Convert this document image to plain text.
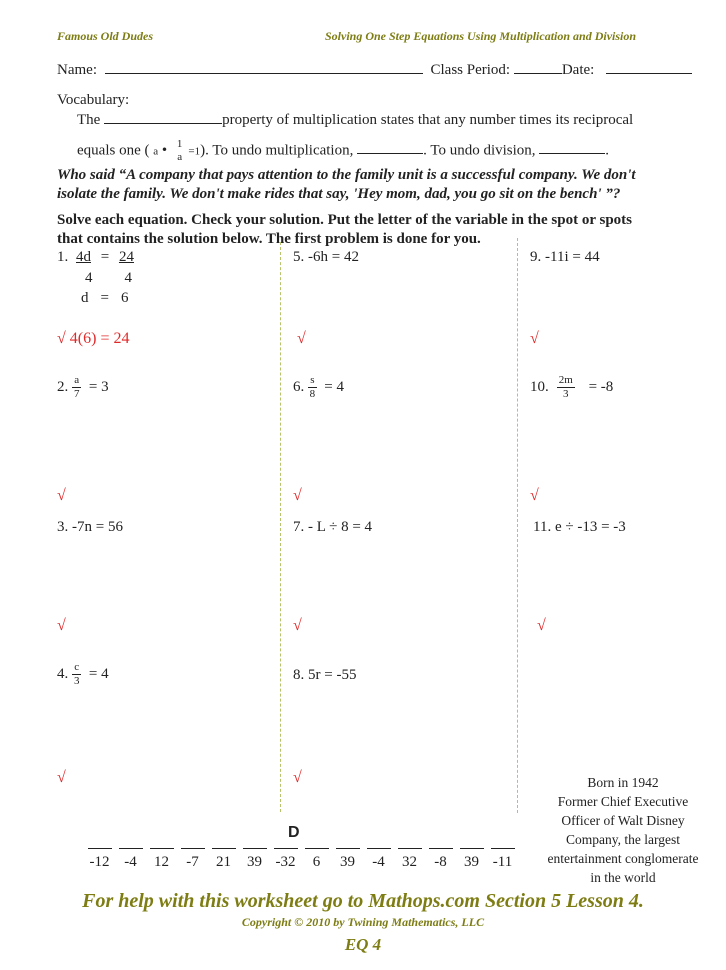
Famous Old Dudes	Solving One Step Equations Using Multiplication and Division
Name:	Class Period:	Date:
Vocabulary:
The	property of multiplication states that any number times its reciprocal
equals one ( a • 1
a =1). To undo multiplication,	. To undo division,	.
Who said “A company that pays attention to the family unit is a successful company. We don't
isolate the family. We don't make rides that say, 'Hey mom, dad, you go sit on the bench' ”?
Solve each equation. Check your solution. Put the letter of the variable in the spot or spots
that contains the solution below. The first problem is done for you.
1. 4d = 24
4 4
d = 6
√ 4(6) = 24
2. $\frac{a}{7} = 3$
√
3. -7n = 56
√
4. $\frac{c}{3} = 4$
√
5. -6h = 42
√
6. $\frac{s}{8} = 4$
√
7. - L ÷ 8 = 4
√
8. 5r = -55
√
9. -11i = 44
√
10. $\frac{2m}{3} = -8$
√
11. e ÷ -13 = -3
√
Born in 1942
Former Chief Executive
Officer of Walt Disney
Company, the largest
entertainment conglomerate
in the world
D
-12 -4	12	-7	21	39 -32	6	39	-4	32	-8	39 -11
For help with this worksheet go to Mathops.com Section 5 Lesson 4.
Copyright © 2010 by Twining Mathematics, LLC
EQ 4
